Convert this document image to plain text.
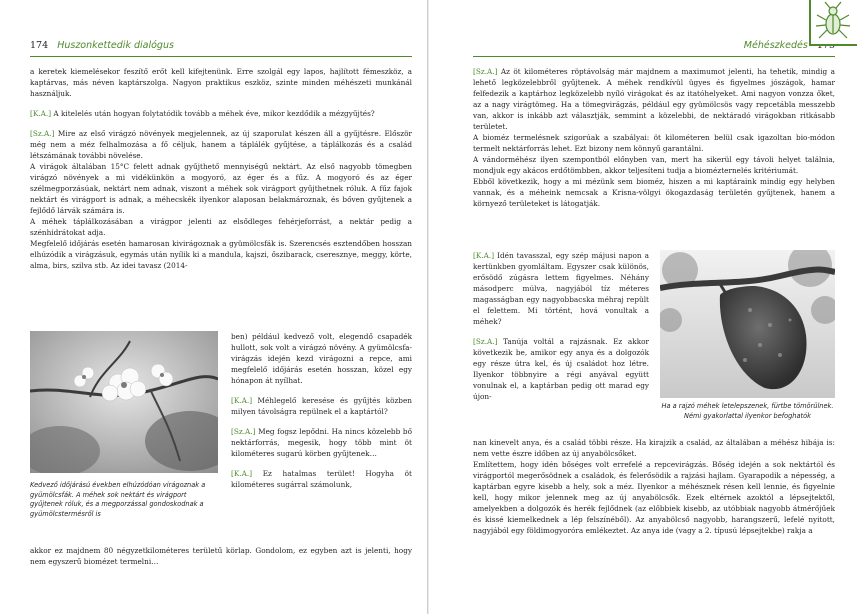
174 Huszonkettedik dialógus

a keretek kiemelésekor feszítő erőt kell kifejtenünk. Erre szolgál egy lapos, hajlított fémeszköz, a kaptárvas, más néven kaptárszolga. Nagyon praktikus eszköz, szinte minden méhészeti munkánál használjuk.

[K.A.] A kitelelés után hogyan folytatódik tovább a méhek éve, mikor kezdődik a mézgyűjtés?

[Sz.A.] Mire az első virágzó növények megjelennek, az új szaporulat készen áll a gyűjtésre. Először még nem a méz felhalmozása a fő céljuk, hanem a táplálék gyűjtése, a táplálkozás és a család létszámának további növelése.

A virágok általában 15°C felett adnak gyűjthető mennyiségű nektárt. Az első nagyobb tömegben virágzó növények a mi vidékünkön a mogyoró, az éger és a fűz. A mogyoró és az éger szélmegporzásúak, nektárt nem adnak, viszont a méhek sok virágport gyűjthetnek róluk. A fűz fajok nektárt és virágport is adnak, a méhecskék ilyenkor alaposan belakmároznak, és bőven gyűjtenek a fejlődő lárvák számára is.

A méhek táplálkozásában a virágpor jelenti az elsődleges fehérjeforrást, a nektár pedig a szénhidrátokat adja.

Megfelelő időjárás esetén hamarosan kivirágoznak a gyümölcsfák is. Szerencsés esztendőben hosszan elhúzódik a virágzásuk, egymás után nyílik ki a mandula, kajszi, őszibarack, cseresznye, meggy, körte, alma, birs, szilva stb. Az idei tavasz (2014-

ben) például kedvező volt, elegendő csapadék hullott, sok volt a virágzó növény. A gyümölcsfa-virágzás idején kezd virágozni a repce, ami megfelelő időjárás esetén hosszan, közel egy hónapon át nyílhat.

[K.A.] Méhlegelő keresése és gyűjtés közben milyen távolságra repülnek el a kaptártól?

[Sz.A.] Meg fogsz lepődni. Ha nincs közelebb bő nektárforrás, megesik, hogy több mint öt kilométeres sugarú körben gyűjtenek…

[K.A.] Ez hatalmas terület! Hogyha öt kilométeres sugárral számolunk,

Kedvező időjárású években elhúzódóan virágoznak a gyümölcsfák. A méhek sok nektárt és virágport gyűjtenek róluk, és a megporzással gondoskodnak a gyümölcstermésről is

akkor ez majdnem 80 négyzetkilométeres területű körlap. Gondolom, ez egyben azt is jelenti, hogy nem egyszerű biomézet termelni…

Méhészkedés

[Sz.A.] Az öt kilométeres röptávolság már majdnem a maximumot jelenti, ha tehetik, mindig a lehető legközelebbről gyűjtenek. A méhek rendkívül ügyes és figyelmes jószágok, hamar felfedezik a kaptárhoz legközelebb nyíló virágokat és az itatóhelyeket. Ami nagyon vonzza őket, az a nagy virágtömeg. Ha a tömegvirágzás, például egy gyümölcsös vagy repcetábla messzebb van, akkor is inkább azt választják, semmint a közelebbi, de nektáradó virágokban ritkásabb területet.

A bioméz termelésnek szigorúak a szabályai: öt kilométeren belül csak igazoltan bio-módon termelt nektárforrás lehet. Ezt bizony nem könnyű garantálni.

A vándorméhész ilyen szempontból előnyben van, mert ha sikerül egy távoli helyet találnia, mondjuk egy akácos erdőtömbben, akkor teljesíteni tudja a biomézternelés kritériumát.

Ebből következik, hogy a mi mézünk sem bioméz, hiszen a mi kaptáraink mindig egy helyben vannak, és a méheink nemcsak a Krisna-völgyi ökogazdaság területén gyűjtenek, hanem a környező területeket is látogatják.

[K.A.] Idén tavasszal, egy szép májusi napon a kertünkben gyomláltam. Egyszer csak különös, erősödő zúgásra lettem figyelmes. Néhány másodperc múlva, nagyjából tíz méteres magasságban egy nagyobbacska méhraj repült el felettem. Mi történt, hová vonultak a méhek?

[Sz.A.] Tanúja voltál a rajzásnak. Ez akkor következik be, amikor egy anya és a dolgozók egy része útra kel, és új családot hoz létre. Ilyenkor többnyire a régi anyával együtt vonulnak el, a kaptárban pedig ott marad egy újon-

Ha a rajzó méhek letelepszenek, fürtbe tömörülnek. Némi gyakorlattal ilyenkor befoghatók

nan kinevelt anya, és a család többi része. Ha kirajzik a család, az általában a méhész hibája is: nem vette észre időben az új anyabölcsőket.

Említettem, hogy idén bőséges volt errefelé a repcevirágzás. Bőség idején a sok nektártól és virágportól megerősödnek a családok, és felerősödik a rajzási hajlam. Gyarapodik a népesség, a kaptárban egyre kisebb a hely, sok a méz. Ilyenkor a méhésznek résen kell lennie, és figyelnie kell, hogy mikor jelennek meg az új anyabölcsők. Ezek eltérnek azoktól a lépsejtektől, amelyekben a dolgozók és herék fejlődnek (az előbbiek kisebb, az utóbbiak nagyobb átmérőjűek és kissé kiemelkednek a lép felszínéből). Az anyabölcső nagyobb, harangszerű, lefelé nyitott, nagyjából egy földimogyoróra emlékeztet. Az anya ide (vagy a 2. típusú lépsejtekbe) rakja a
